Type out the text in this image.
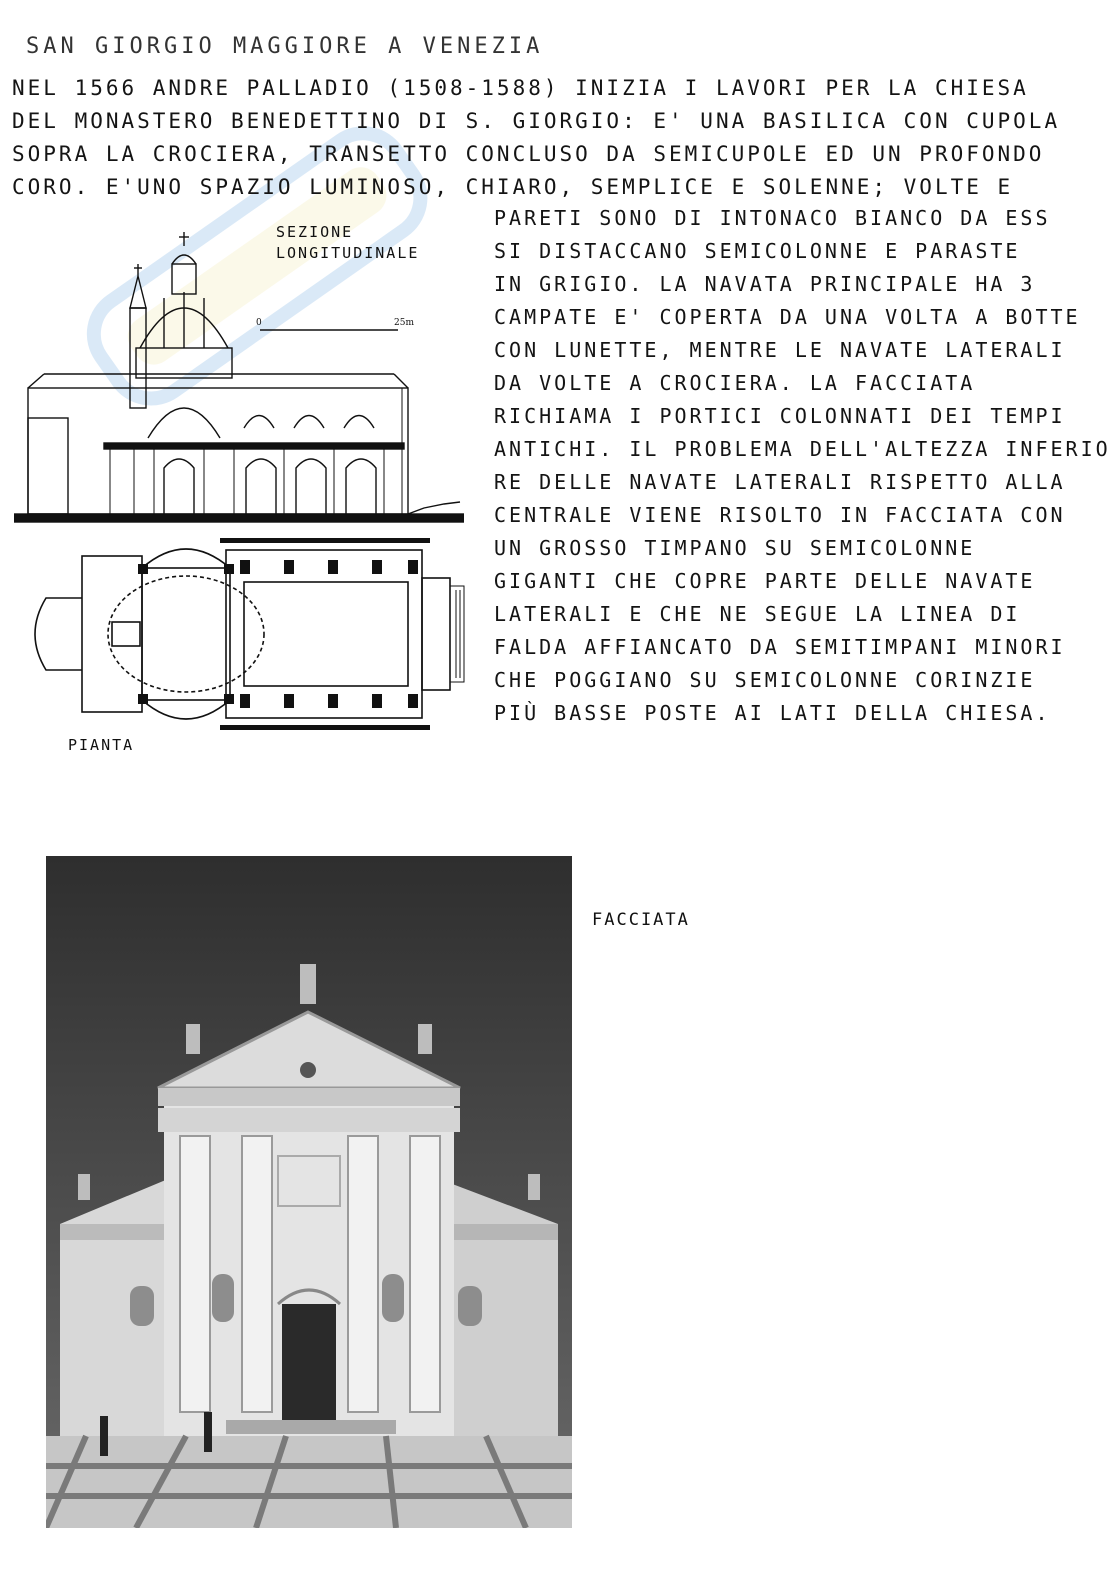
SAN GIORGIO MAGGIORE A VENEZIA
NEL 1566 ANDRE PALLADIO (1508-1588) INIZIA I LAVORI PER LA CHIESA
DEL MONASTERO BENEDETTINO DI S. GIORGIO: E' UNA BASILICA CON CUPOLA
SOPRA LA CROCIERA, TRANSETTO CONCLUSO DA SEMICUPOLE ED UN PROFONDO
CORO. E'UNO SPAZIO LUMINOSO, CHIARO, SEMPLICE E SOLENNE; VOLTE E
PARETI SONO DI INTONACO BIANCO DA ESS
SI DISTACCANO SEMICOLONNE E PARASTE
IN GRIGIO. LA NAVATA PRINCIPALE HA 3
CAMPATE E' COPERTA DA UNA VOLTA A BOTTE
CON LUNETTE, MENTRE LE NAVATE LATERALI
DA VOLTE A CROCIERA. LA FACCIATA
RICHIAMA I PORTICI COLONNATI DEI TEMPI
ANTICHI. IL PROBLEMA DELL'ALTEZZA INFERIO
RE DELLE NAVATE LATERALI RISPETTO ALLA
CENTRALE VIENE RISOLTO IN FACCIATA CON
UN GROSSO TIMPANO SU SEMICOLONNE
GIGANTI CHE COPRE PARTE DELLE NAVATE
LATERALI E CHE NE SEGUE LA LINEA DI
FALDA AFFIANCATO DA SEMITIMPANI MINORI
CHE POGGIANO SU SEMICOLONNE CORINZIE
PIÙ BASSE POSTE AI LATI DELLA CHIESA.
0	25m
SEZIONE
LONGITUDINALE
PIANTA
FACCIATA
